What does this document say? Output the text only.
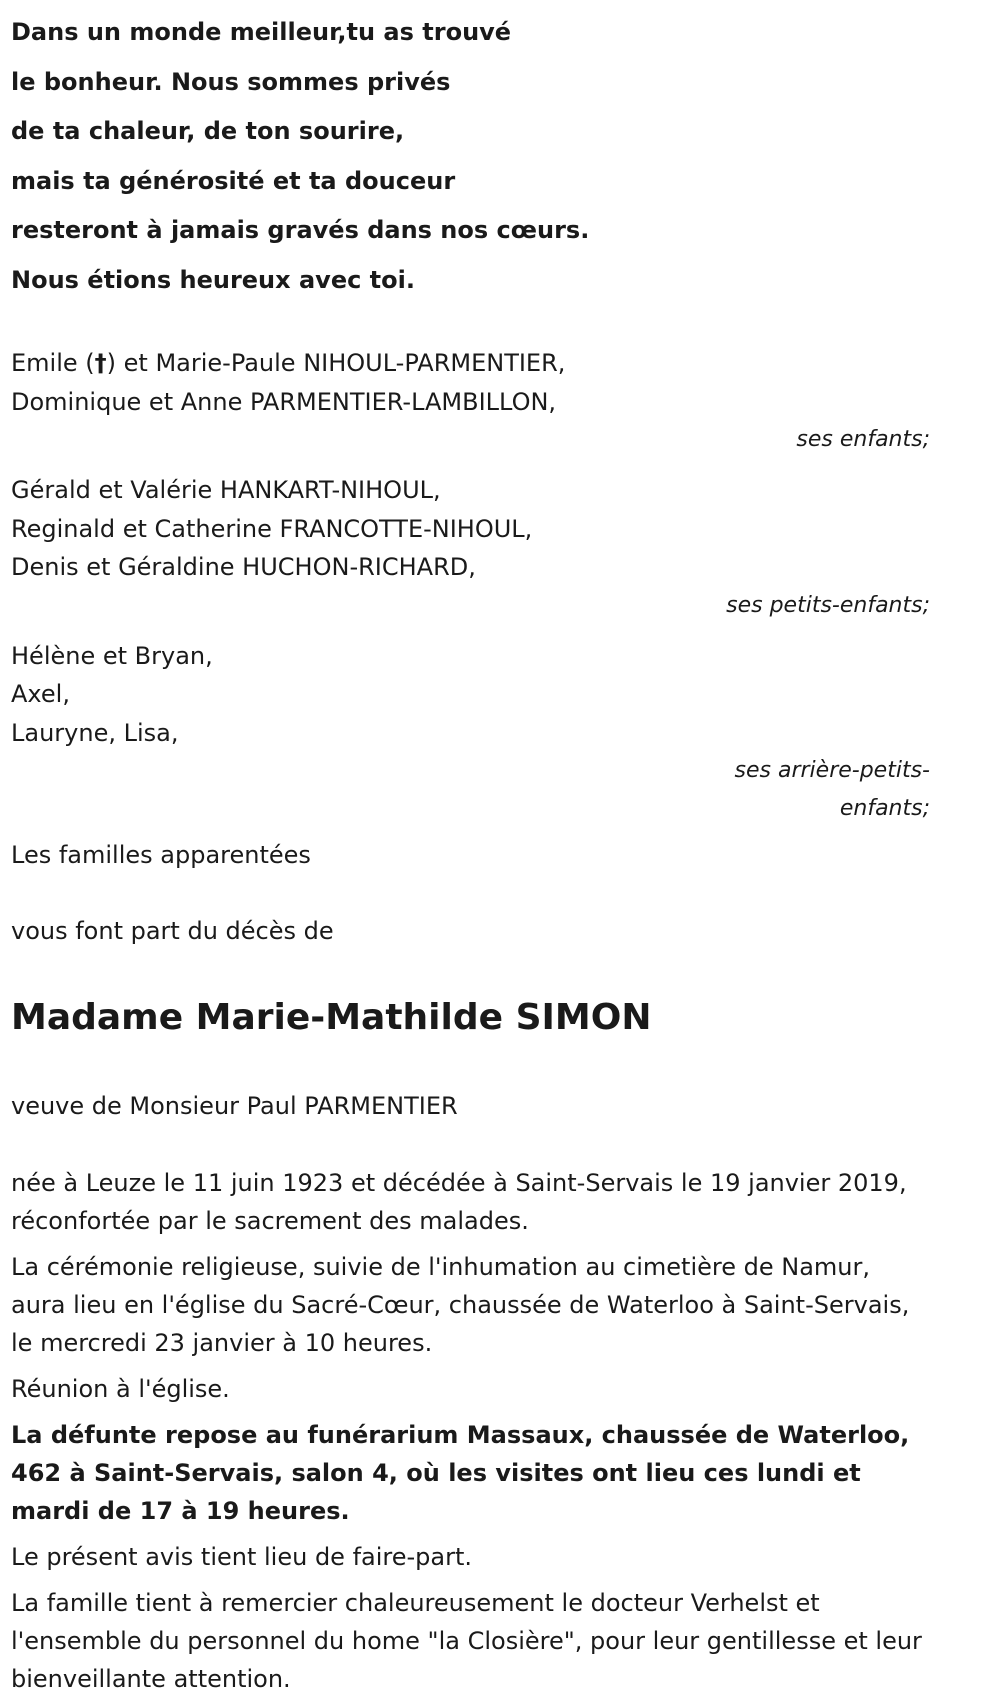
Dans un monde meilleur,tu as trouvé

le bonheur. Nous sommes privés

de ta chaleur, de ton sourire,

mais ta générosité et ta douceur

resteront à jamais gravés dans nos cœurs.

Nous étions heureux avec toi.

Emile (†) et Marie-Paule NIHOUL-PARMENTIER,

Dominique et Anne PARMENTIER-LAMBILLON,

ses enfants;

Gérald et Valérie HANKART-NIHOUL,

Reginald et Catherine FRANCOTTE-NIHOUL,

Denis et Géraldine HUCHON-RICHARD,

ses petits-enfants;

Hélène et Bryan,

Axel,

Lauryne, Lisa,

ses arrière-petits-
enfants;
Les familles apparentées
vous font part du décès de
Madame Marie-Mathilde SIMON
veuve de Monsieur Paul PARMENTIER

née à Leuze le 11 juin 1923 et décédée à Saint-Servais le 19 janvier 2019, réconfortée par le sacrement des malades.

La cérémonie religieuse, suivie de l'inhumation au cimetière de Namur, aura lieu en l'église du Sacré-Cœur, chaussée de Waterloo à Saint-Servais, le mercredi 23 janvier à 10 heures.

Réunion à l'église.

La défunte repose au funérarium Massaux, chaussée de Waterloo, 462 à Saint-Servais, salon 4, où les visites ont lieu ces lundi et mardi de 17 à 19 heures.

Le présent avis tient lieu de faire-part.

La famille tient à remercier chaleureusement le docteur Verhelst et l'ensemble du personnel du home "la Closière", pour leur gentillesse et leur bienveillante attention.
